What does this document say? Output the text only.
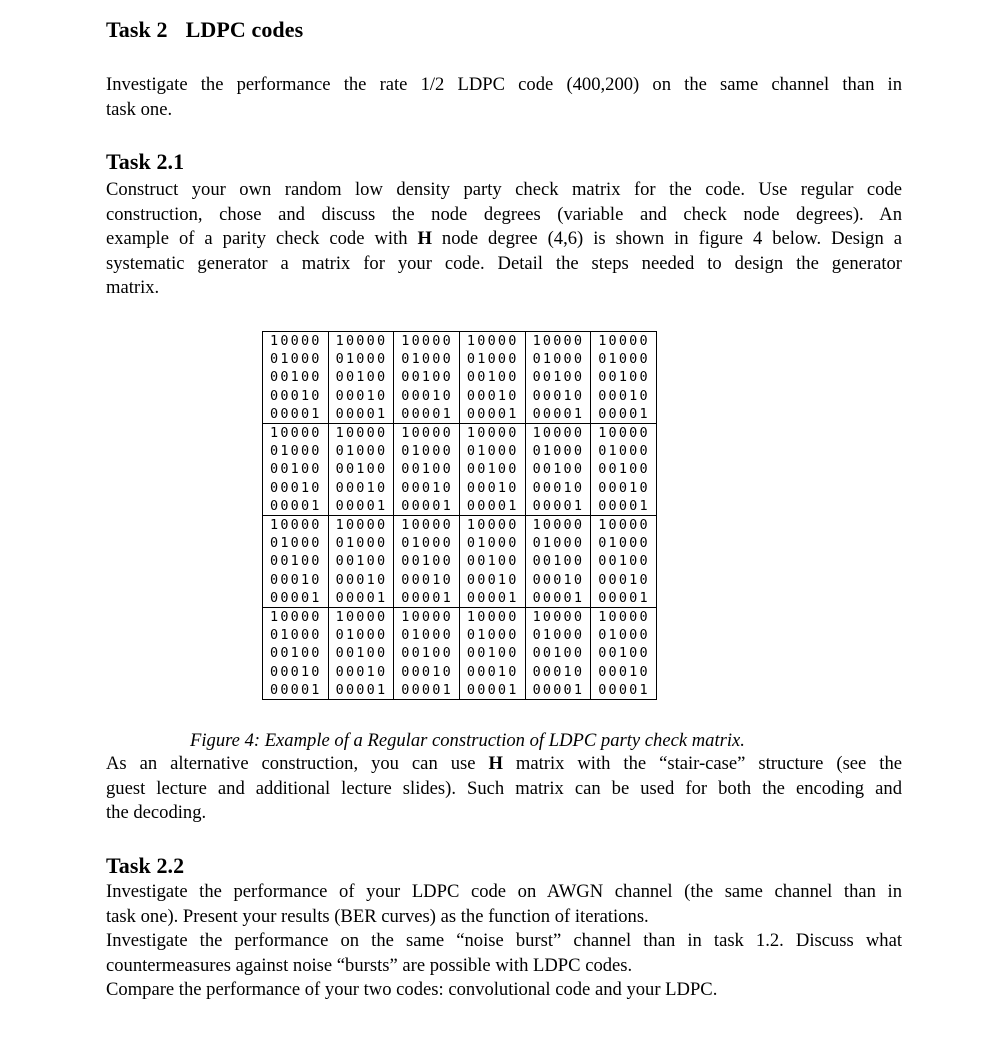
Task 2 LDPC codes
Investigate the performance the rate 1/2 LDPC code (400,200) on the same channel than in
task one.
Task 2.1
Construct your own random low density party check matrix for the code. Use regular code
construction, chose and discuss the node degrees (variable and check node degrees). An
example of a parity check code with H node degree (4,6) is shown in figure 4 below. Design a
systematic generator a matrix for your code. Detail the steps needed to design the generator
matrix.
10000	10000	10000	10000	10000	10000
01000	01000	01000	01000	01000	01000
00100	00100	00100	00100	00100	00100
00010	00010	00010	00010	00010	00010
00001	00001	00001	00001	00001	00001
10000	10000	10000	10000	10000	10000
01000	01000	01000	01000	01000	01000
00100	00100	00100	00100	00100	00100
00010	00010	00010	00010	00010	00010
00001	00001	00001	00001	00001	00001
10000	10000	10000	10000	10000	10000
01000	01000	01000	01000	01000	01000
00100	00100	00100	00100	00100	00100
00010	00010	00010	00010	00010	00010
00001	00001	00001	00001	00001	00001
10000	10000	10000	10000	10000	10000
01000	01000	01000	01000	01000	01000
00100	00100	00100	00100	00100	00100
00010	00010	00010	00010	00010	00010
00001	00001	00001	00001	00001	00001
Figure 4: Example of a Regular construction of LDPC party check matrix.
As an alternative construction, you can use H matrix with the “stair-case” structure (see the
guest lecture and additional lecture slides). Such matrix can be used for both the encoding and
the decoding.
Task 2.2
Investigate the performance of your LDPC code on AWGN channel (the same channel than in
task one). Present your results (BER curves) as the function of iterations.
Investigate the performance on the same “noise burst” channel than in task 1.2. Discuss what
countermeasures against noise “bursts” are possible with LDPC codes.
Compare the performance of your two codes: convolutional code and your LDPC.
